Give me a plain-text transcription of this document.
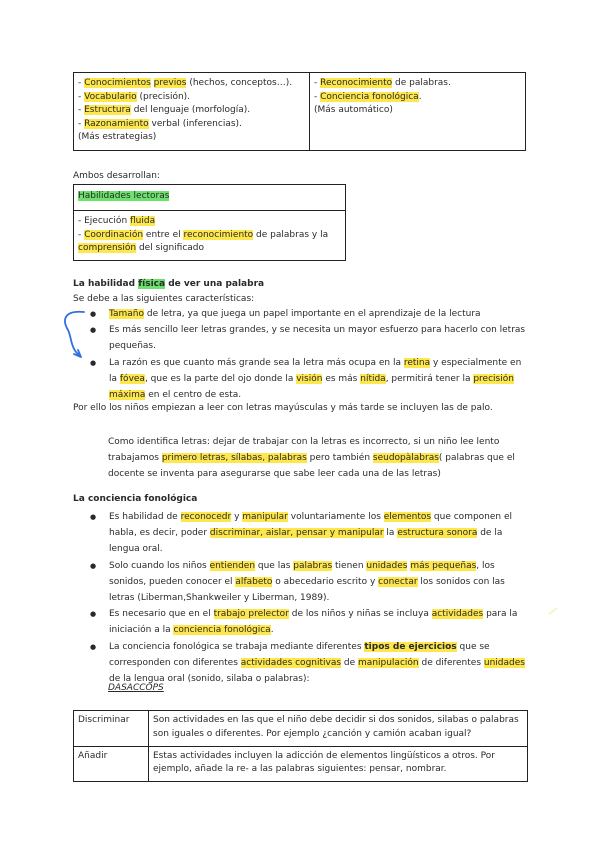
- Conocimientos previos (hechos, conceptos…).
- Vocabulario (precisión).
- Estructura del lenguaje (morfología).
- Razonamiento verbal (inferencias).
(Más estrategias)

- Reconocimiento de palabras.
- Conciencia fonológica.
(Más automático)
Ambos desarrollan:
Habilidades lectoras

- Ejecución fluida
- Coordinación entre el reconocimiento de palabras y la
comprensión del significado
La habilidad física de ver una palabra
Se debe a las siguientes características:
● Tamaño de letra, ya que juega un papel importante en el aprendizaje de la lectura
● Es más sencillo leer letras grandes, y se necesita un mayor esfuerzo para hacerlo con letras pequeñas.
● La razón es que cuanto más grande sea la letra más ocupa en la retina y especialmente en la fóvea, que es la parte del ojo donde la visión es más nítida, permitirá tener la precisión máxima en el centro de esta.
Por ello los niños empiezan a leer con letras mayúsculas y más tarde se incluyen las de palo.
Como identifica letras: dejar de trabajar con la letras es incorrecto, si un niño lee lento trabajamos primero letras, sílabas, palabras pero también seudopàlabras( palabras que el docente se inventa para asegurarse que sabe leer cada una de las letras)
La conciencia fonológica
● Es habilidad de reconocedr y manipular voluntariamente los elementos que componen el habla, es decir, poder discriminar, aislar, pensar y manipular la estructura sonora de la lengua oral.
● Solo cuando los niños entienden que las palabras tienen unidades más pequeñas, los sonidos, pueden conocer el alfabeto o abecedario escrito y conectar los sonidos con las letras (Liberman,Shankweiler y Liberman, 1989).
● Es necesario que en el trabajo prelector de los niños y niñas se incluya actividades para la iniciación a la conciencia fonológica.
● La conciencia fonológica se trabaja mediante diferentes tipos de ejercicios que se corresponden con diferentes actividades cognitivas de manipulación de diferentes unidades de la lengua oral (sonido, silaba o palabras):
DASACCOPS
Discriminar	Son actividades en las que el niño debe decidir si dos sonidos, silabas o palabras son iguales o diferentes. Por ejemplo ¿canción y camión acaban igual?
Añadir	Estas actividades incluyen la adicción de elementos lingüísticos a otros. Por ejemplo, añade la re- a las palabras siguientes: pensar, nombrar.
